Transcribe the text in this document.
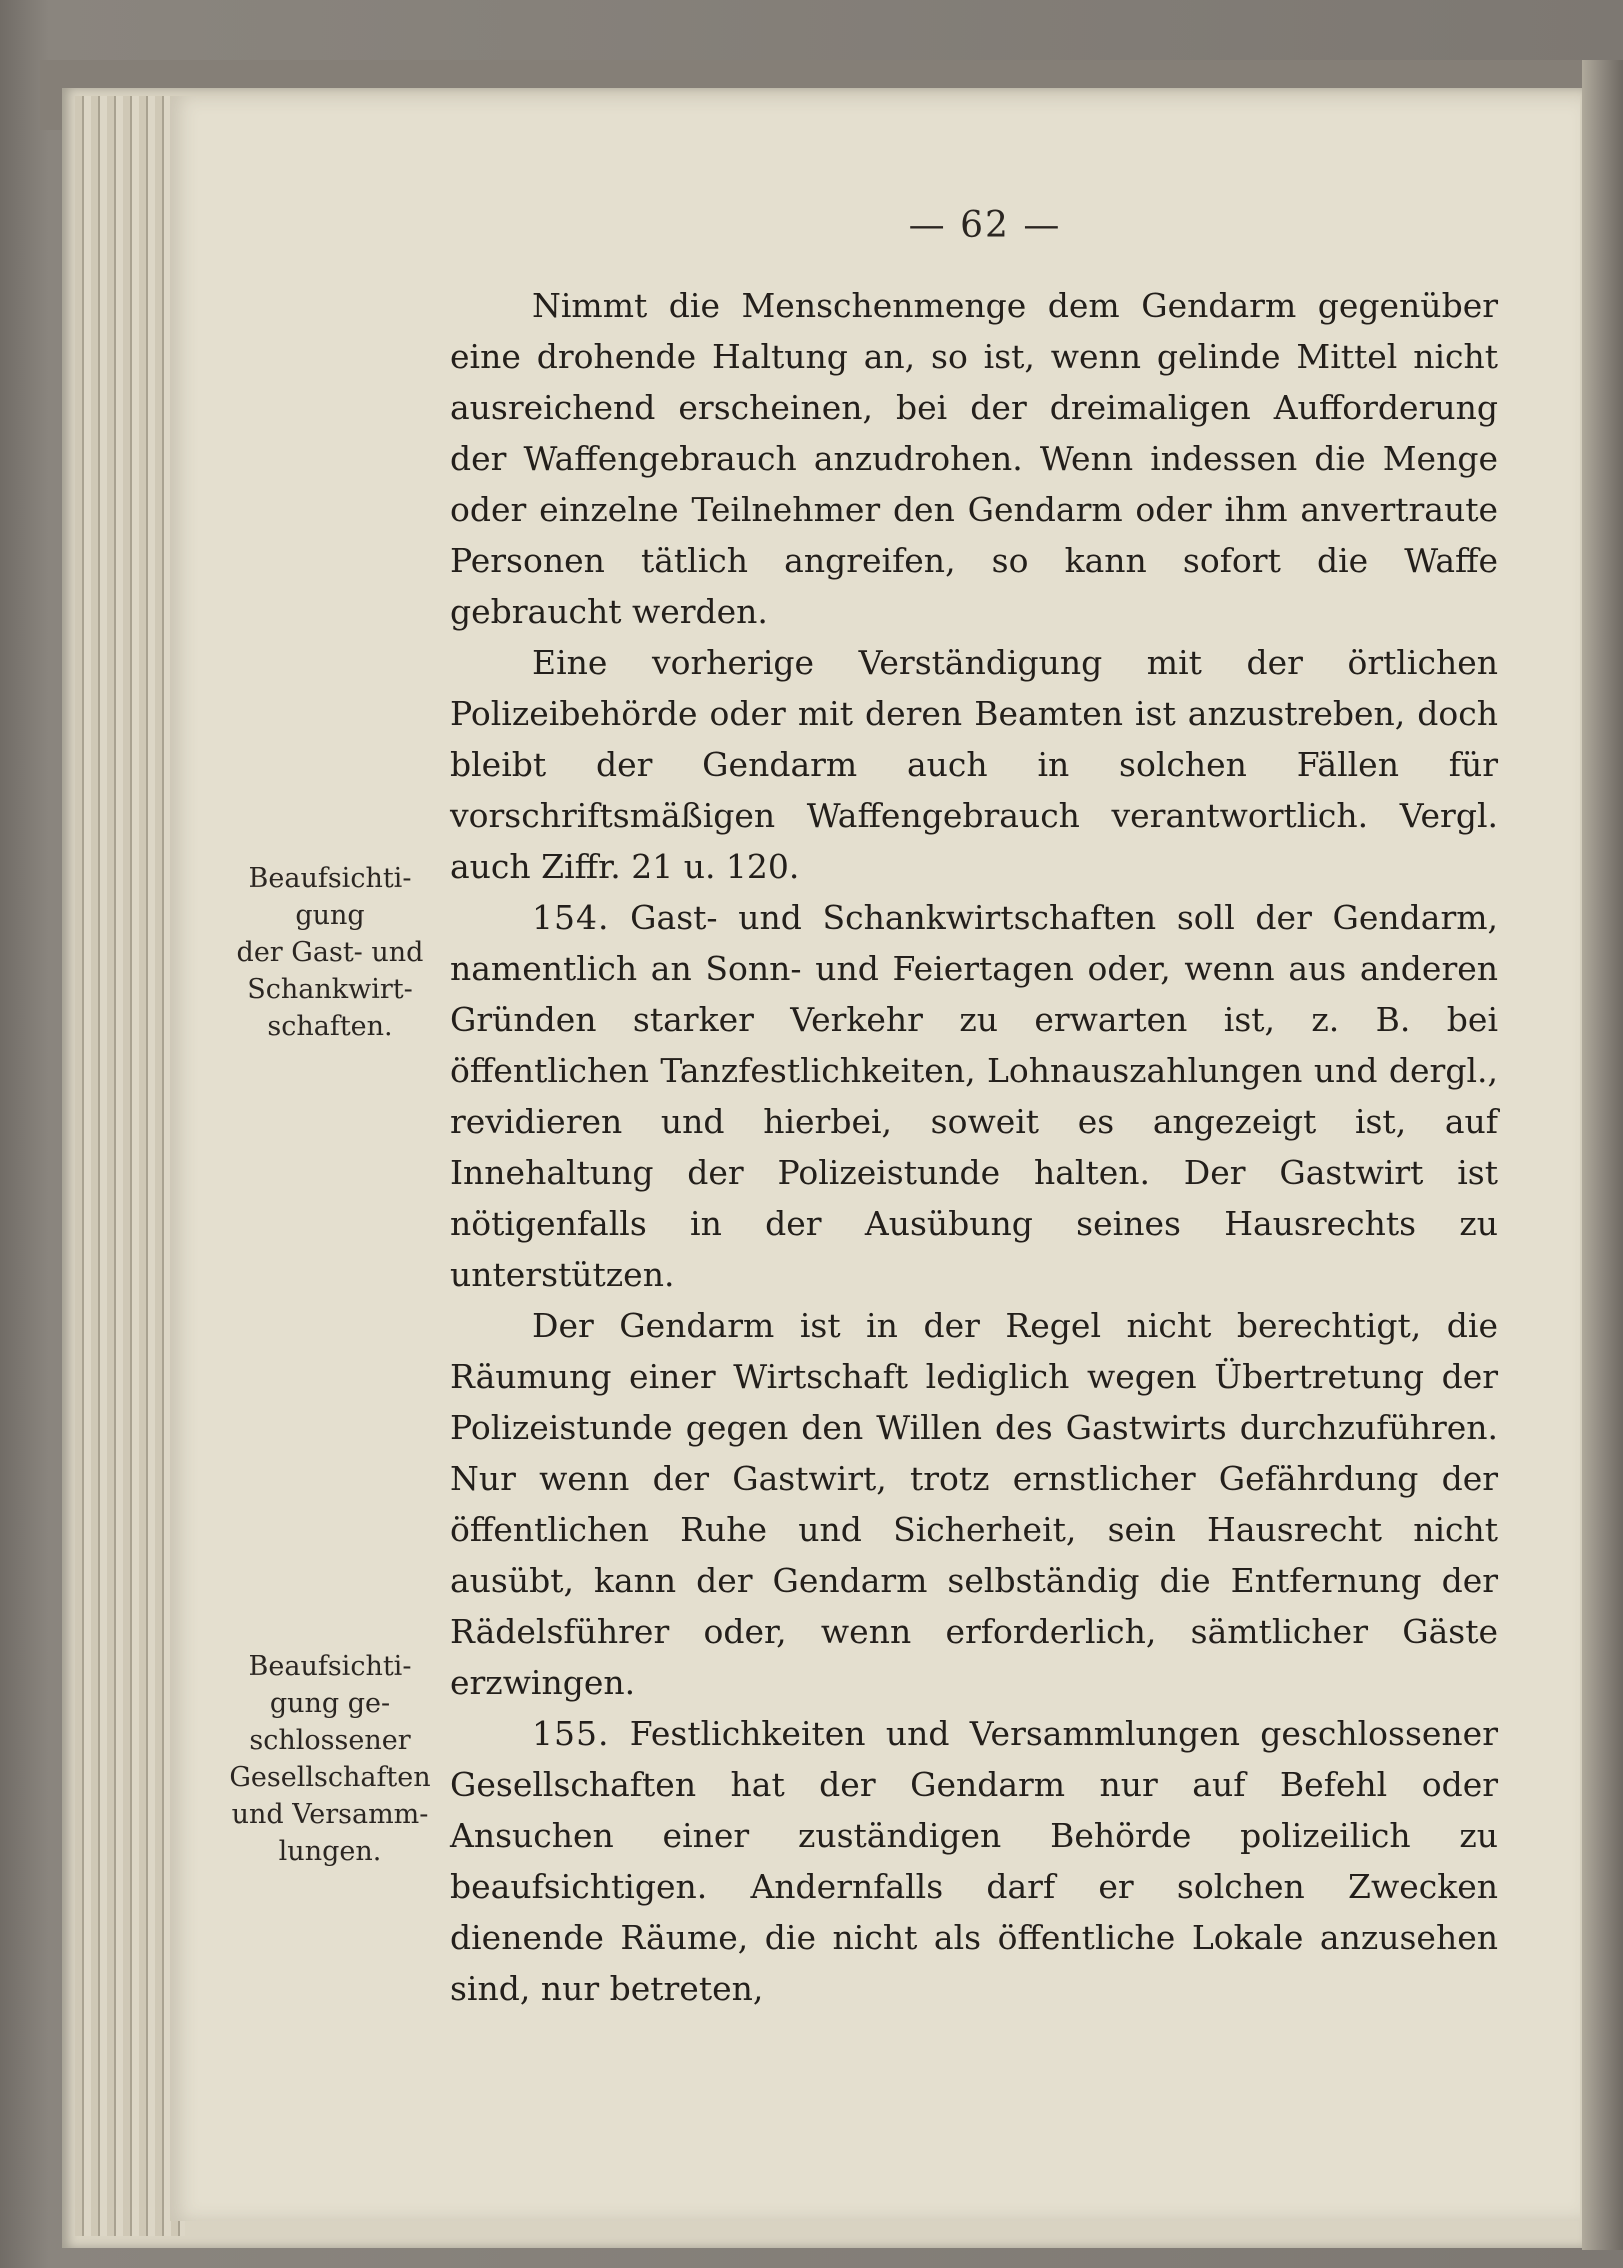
— 62 —
Beaufsichti-
gung
der Gast- und
Schankwirt-
schaften.
Beaufsichti-
gung ge-
schlossener
Gesellschaften
und Versamm-
lungen.

Nimmt die Menschenmenge dem Gendarm gegenüber eine drohende Haltung an, so ist, wenn gelinde Mittel nicht ausreichend erscheinen, bei der dreimaligen Aufforderung der Waffengebrauch anzudrohen. Wenn indessen die Menge oder einzelne Teilnehmer den Gendarm oder ihm anvertraute Personen tätlich angreifen, so kann sofort die Waffe gebraucht werden.

Eine vorherige Verständigung mit der örtlichen Polizeibehörde oder mit deren Beamten ist anzustreben, doch bleibt der Gendarm auch in solchen Fällen für vorschriftsmäßigen Waffengebrauch verantwortlich. Vergl. auch Ziffr. 21 u. 120.

154. Gast- und Schankwirtschaften soll der Gendarm, namentlich an Sonn- und Feiertagen oder, wenn aus anderen Gründen starker Verkehr zu erwarten ist, z. B. bei öffentlichen Tanzfestlichkeiten, Lohnauszahlungen und dergl., revidieren und hierbei, soweit es angezeigt ist, auf Innehaltung der Polizeistunde halten. Der Gastwirt ist nötigenfalls in der Ausübung seines Hausrechts zu unterstützen.

Der Gendarm ist in der Regel nicht berechtigt, die Räumung einer Wirtschaft lediglich wegen Übertretung der Polizeistunde gegen den Willen des Gastwirts durchzuführen. Nur wenn der Gastwirt, trotz ernstlicher Gefährdung der öffentlichen Ruhe und Sicherheit, sein Hausrecht nicht ausübt, kann der Gendarm selbständig die Entfernung der Rädelsführer oder, wenn erforderlich, sämtlicher Gäste erzwingen.

155. Festlichkeiten und Versammlungen geschlossener Gesellschaften hat der Gendarm nur auf Befehl oder Ansuchen einer zuständigen Behörde polizeilich zu beaufsichtigen. Andernfalls darf er solchen Zwecken dienende Räume, die nicht als öffentliche Lokale anzusehen sind, nur betreten,
